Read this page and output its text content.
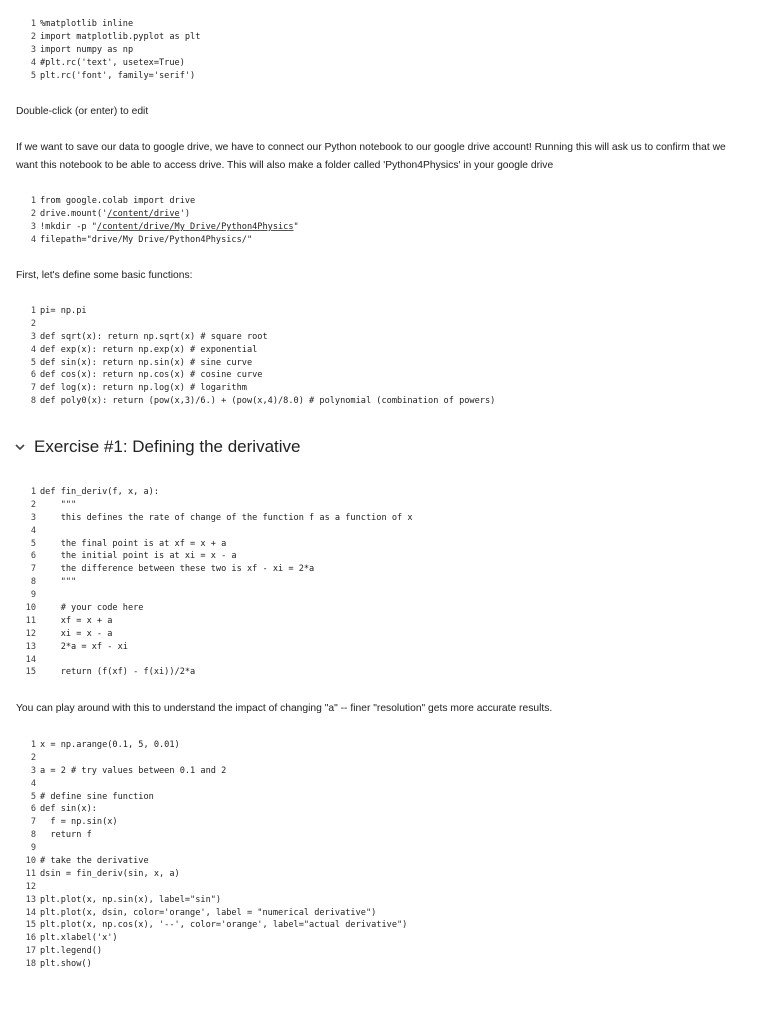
1 %matplotlib inline
2 import matplotlib.pyplot as plt
3 import numpy as np
4 #plt.rc('text', usetex=True)
5 plt.rc('font', family='serif')
Double-click (or enter) to edit
If we want to save our data to google drive, we have to connect our Python notebook to our google drive account! Running this will ask us to confirm that we want this notebook to be able to access drive. This will also make a folder called 'Python4Physics' in your google drive
1 from google.colab import drive
2 drive.mount('/content/drive')
3 !mkdir -p "/content/drive/My Drive/Python4Physics"
4 filepath="drive/My Drive/Python4Physics/"
First, let's define some basic functions:
1 pi= np.pi
2
3 def sqrt(x): return np.sqrt(x) # square root
4 def exp(x): return np.exp(x) # exponential
5 def sin(x): return np.sin(x) # sine curve
6 def cos(x): return np.cos(x) # cosine curve
7 def log(x): return np.log(x) # logarithm
8 def poly0(x): return (pow(x,3)/6.) + (pow(x,4)/8.0) # polynomial (combination of powers)
Exercise #1: Defining the derivative
1 def fin_deriv(f, x, a):
2    """
3    this defines the rate of change of the function f as a function of x
4
5    the final point is at xf = x + a
6    the initial point is at xi = x - a
7    the difference between these two is xf - xi = 2*a
8    """
9
10    # your code here
11    xf = x + a
12    xi = x - a
13    2*a = xf - xi
14
15    return (f(xf) - f(xi))/2*a
You can play around with this to understand the impact of changing "a" -- finer "resolution" gets more accurate results.
1 x = np.arange(0.1, 5, 0.01)
2
3 a = 2 # try values between 0.1 and 2
4
5 # define sine function
6 def sin(x):
7  f = np.sin(x)
8  return f
9
10 # take the derivative
11 dsin = fin_deriv(sin, x, a)
12
13 plt.plot(x, np.sin(x), label="sin")
14 plt.plot(x, dsin, color='orange', label = "numerical derivative")
15 plt.plot(x, np.cos(x), '--', color='orange', label="actual derivative")
16 plt.xlabel('x')
17 plt.legend()
18 plt.show()
